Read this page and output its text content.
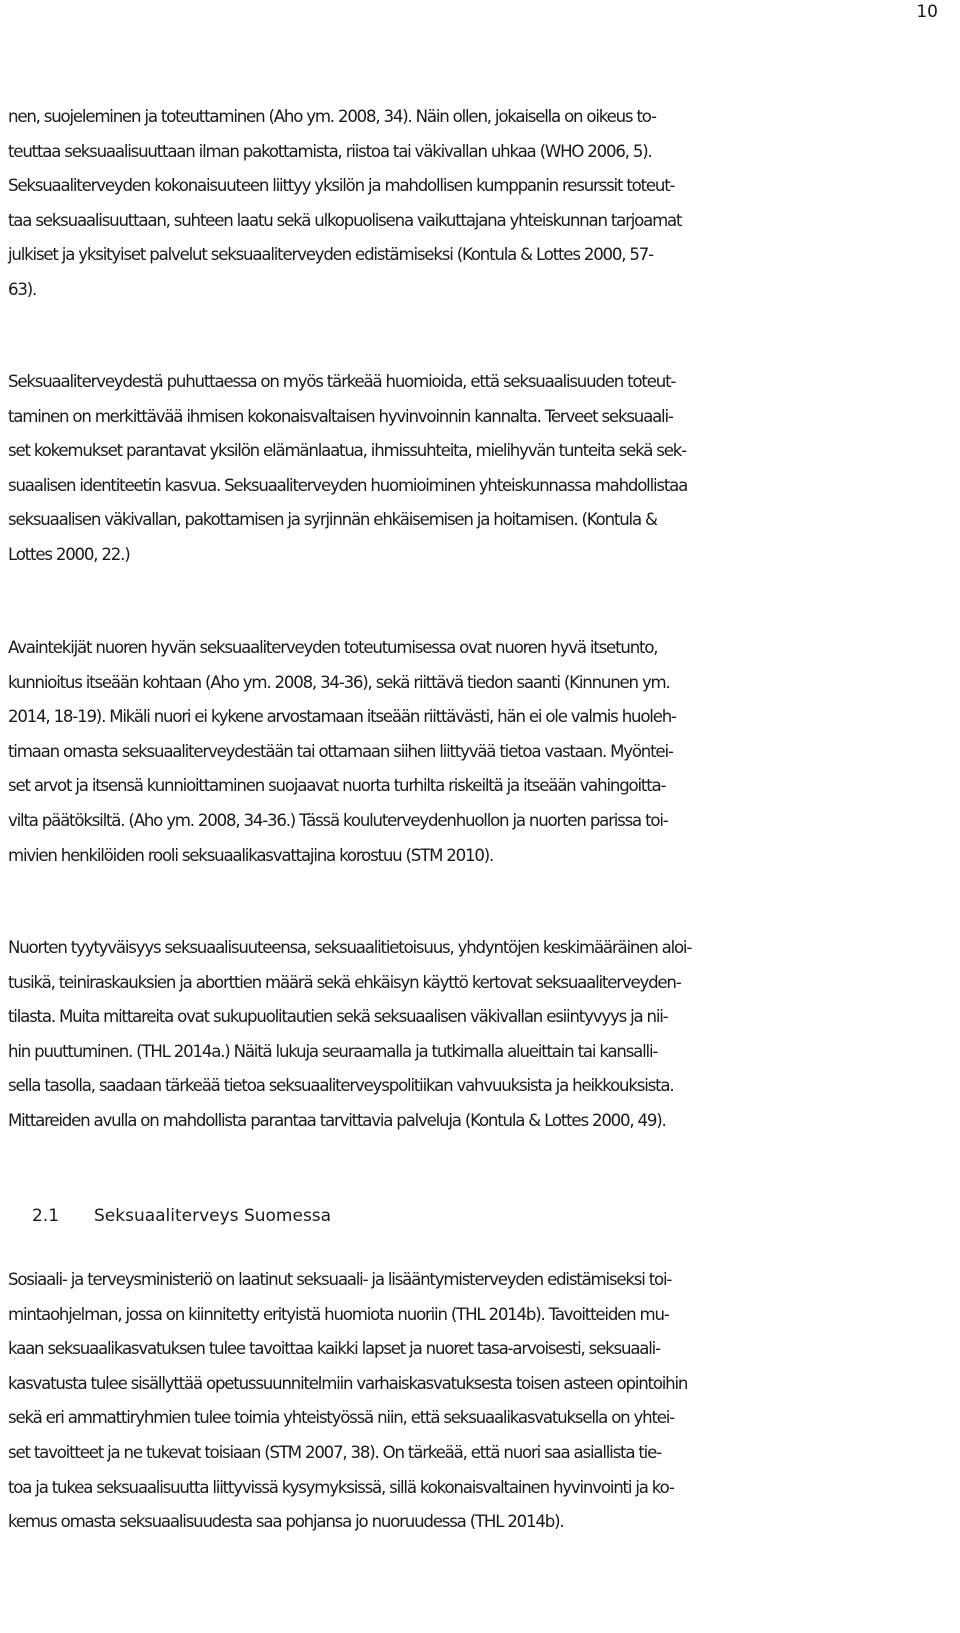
10
nen, suojeleminen ja toteuttaminen (Aho ym. 2008, 34). Näin ollen, jokaisella on oikeus to-
teuttaa seksuaalisuuttaan ilman pakottamista, riistoa tai väkivallan uhkaa (WHO 2006, 5).
Seksuaaliterveyden kokonaisuuteen liittyy yksilön ja mahdollisen kumppanin resurssit toteut-
taa seksuaalisuuttaan, suhteen laatu sekä ulkopuolisena vaikuttajana yhteiskunnan tarjoamat
julkiset ja yksityiset palvelut seksuaaliterveyden edistämiseksi (Kontula & Lottes 2000, 57-
63).
Seksuaaliterveydestä puhuttaessa on myös tärkeää huomioida, että seksuaalisuuden toteut-
taminen on merkittävää ihmisen kokonaisvaltaisen hyvinvoinnin kannalta. Terveet seksuaali-
set kokemukset parantavat yksilön elämänlaatua, ihmissuhteita, mielihyvän tunteita sekä sek-
suaalisen identiteetin kasvua. Seksuaaliterveyden huomioiminen yhteiskunnassa mahdollistaa
seksuaalisen väkivallan, pakottamisen ja syrjinnän ehkäisemisen ja hoitamisen. (Kontula &
Lottes 2000, 22.)
Avaintekijät nuoren hyvän seksuaaliterveyden toteutumisessa ovat nuoren hyvä itsetunto,
kunnioitus itseään kohtaan (Aho ym. 2008, 34-36), sekä riittävä tiedon saanti (Kinnunen ym.
2014, 18-19). Mikäli nuori ei kykene arvostamaan itseään riittävästi, hän ei ole valmis huoleh-
timaan omasta seksuaaliterveydestään tai ottamaan siihen liittyvää tietoa vastaan. Myöntei-
set arvot ja itsensä kunnioittaminen suojaavat nuorta turhilta riskeiltä ja itseään vahingoitta-
vilta päätöksiltä. (Aho ym. 2008, 34-36.) Tässä kouluterveydenhuollon ja nuorten parissa toi-
mivien henkilöiden rooli seksuaalikasvattajina korostuu (STM 2010).
Nuorten tyytyväisyys seksuaalisuuteensa, seksuaalitietoisuus, yhdyntöjen keskimääräinen aloi-
tusikä, teiniraskauksien ja aborttien määrä sekä ehkäisyn käyttö kertovat seksuaaliterveyden-
tilasta. Muita mittareita ovat sukupuolitautien sekä seksuaalisen väkivallan esiintyvyys ja nii-
hin puuttuminen. (THL 2014a.) Näitä lukuja seuraamalla ja tutkimalla alueittain tai kansalli-
sella tasolla, saadaan tärkeää tietoa seksuaaliterveyspolitiikan vahvuuksista ja heikkouksista.
Mittareiden avulla on mahdollista parantaa tarvittavia palveluja (Kontula & Lottes 2000, 49).
2.1 Seksuaaliterveys Suomessa
Sosiaali- ja terveysministeriö on laatinut seksuaali- ja lisääntymisterveyden edistämiseksi toi-
mintaohjelman, jossa on kiinnitetty erityistä huomiota nuoriin (THL 2014b). Tavoitteiden mu-
kaan seksuaalikasvatuksen tulee tavoittaa kaikki lapset ja nuoret tasa-arvoisesti, seksuaali-
kasvatusta tulee sisällyttää opetussuunnitelmiin varhaiskasvatuksesta toisen asteen opintoihin
sekä eri ammattiryhmien tulee toimia yhteistyössä niin, että seksuaalikasvatuksella on yhtei-
set tavoitteet ja ne tukevat toisiaan (STM 2007, 38). On tärkeää, että nuori saa asiallista tie-
toa ja tukea seksuaalisuutta liittyvissä kysymyksissä, sillä kokonaisvaltainen hyvinvointi ja ko-
kemus omasta seksuaalisuudesta saa pohjansa jo nuoruudessa (THL 2014b).
